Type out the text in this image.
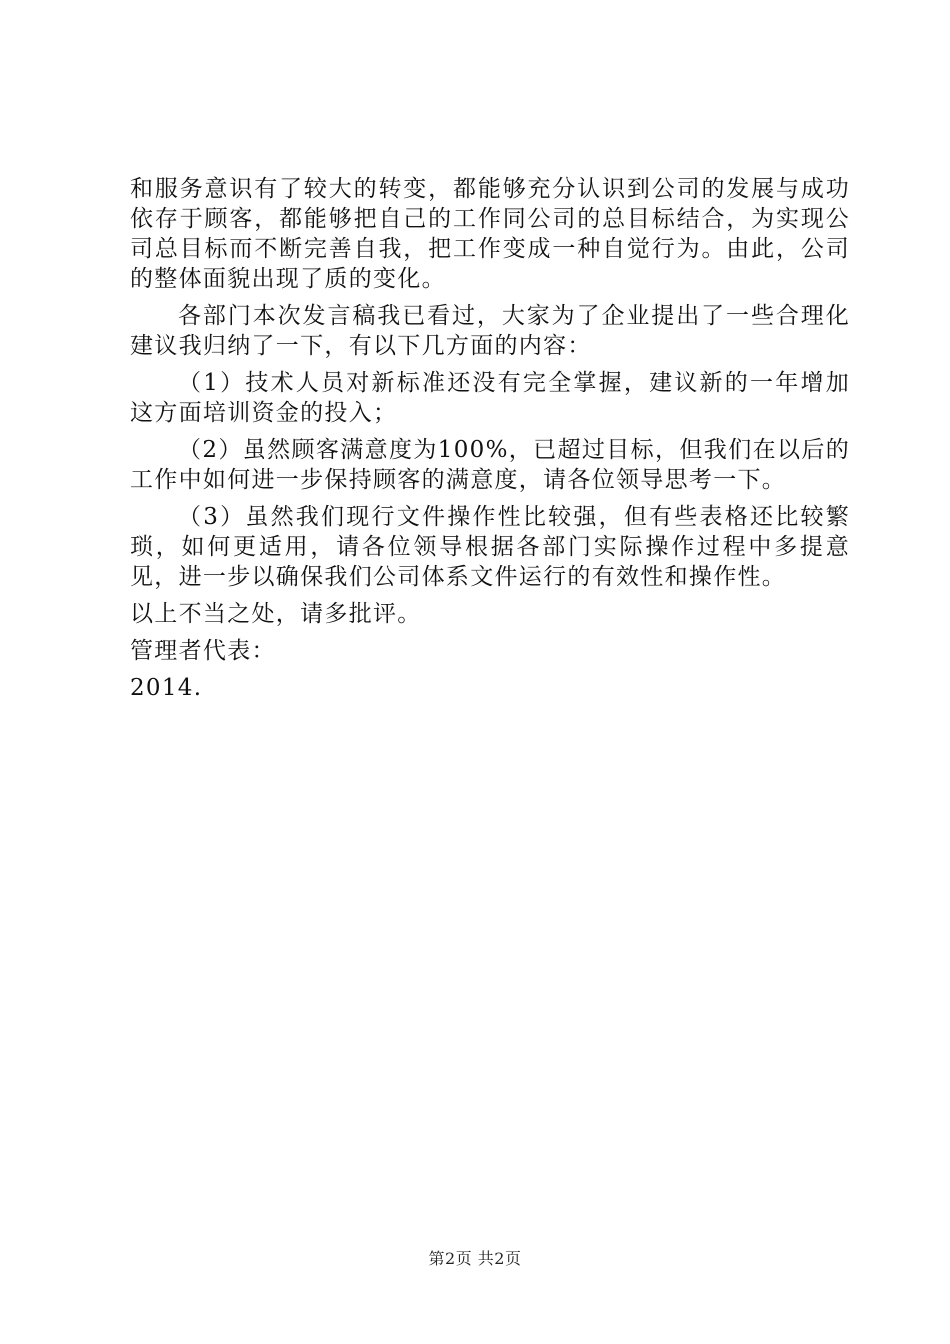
和服务意识有了较大的转变，都能够充分认识到公司的发展与成功依存于顾客，都能够把自己的工作同公司的总目标结合，为实现公司总目标而不断完善自我，把工作变成一种自觉行为。由此，公司的整体面貌出现了质的变化。

各部门本次发言稿我已看过，大家为了企业提出了一些合理化建议我归纳了一下，有以下几方面的内容：

（1）技术人员对新标准还没有完全掌握，建议新的一年增加这方面培训资金的投入；

（2）虽然顾客满意度为100%，已超过目标，但我们在以后的工作中如何进一步保持顾客的满意度，请各位领导思考一下。

（3）虽然我们现行文件操作性比较强，但有些表格还比较繁琐，如何更适用，请各位领导根据各部门实际操作过程中多提意见，进一步以确保我们公司体系文件运行的有效性和操作性。

以上不当之处，请多批评。

管理者代表：

2014.

第2页 共2页
